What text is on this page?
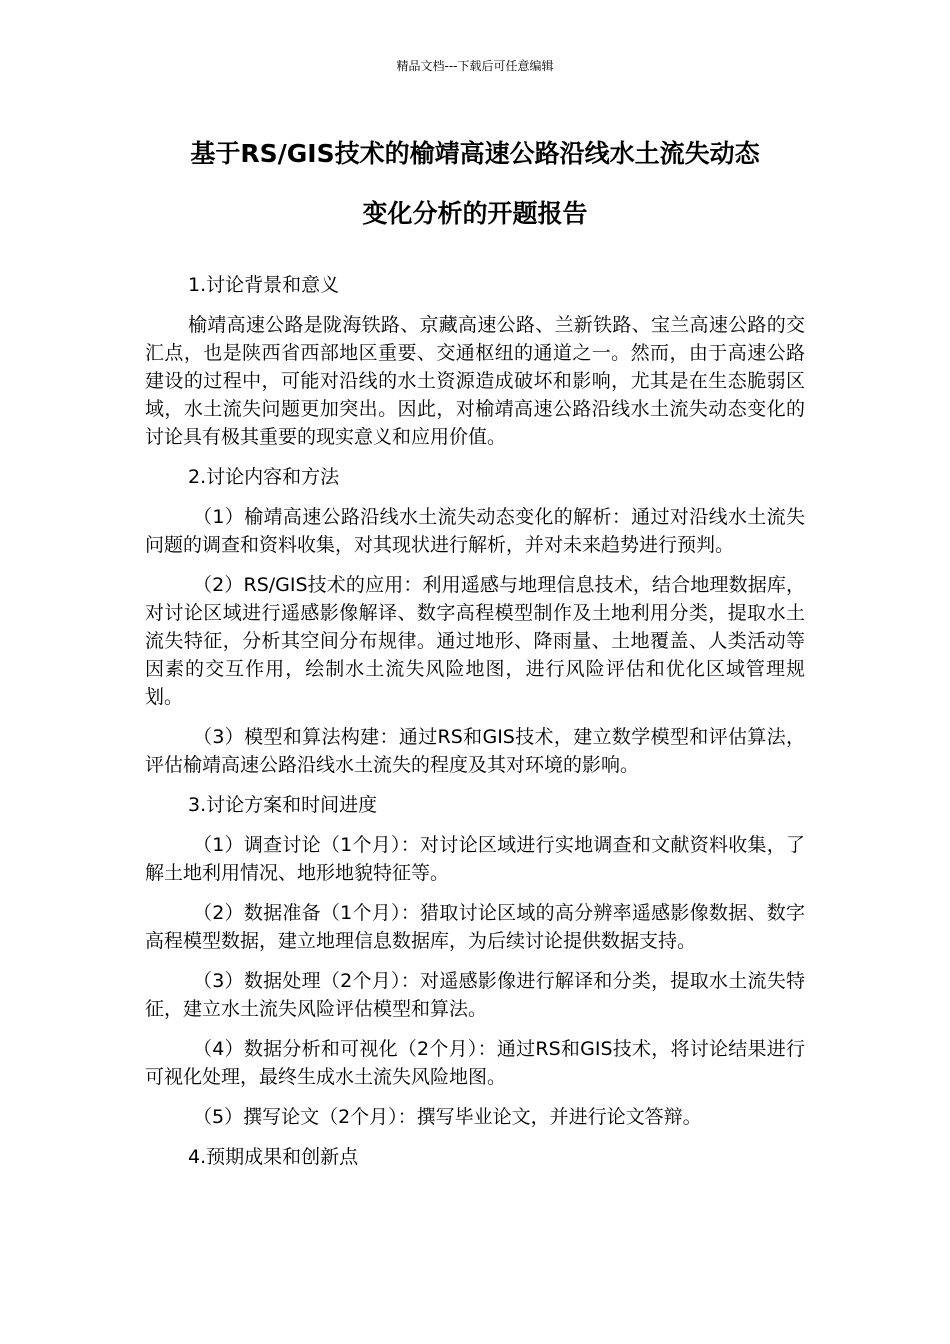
精品文档---下载后可任意编辑
基于RS/GIS技术的榆靖高速公路沿线水土流失动态
变化分析的开题报告
1.讨论背景和意义

榆靖高速公路是陇海铁路、京藏高速公路、兰新铁路、宝兰高速公路的交汇点，也是陕西省西部地区重要、交通枢纽的通道之一。然而，由于高速公路建设的过程中，可能对沿线的水土资源造成破坏和影响，尤其是在生态脆弱区域，水土流失问题更加突出。因此，对榆靖高速公路沿线水土流失动态变化的讨论具有极其重要的现实意义和应用价值。

2.讨论内容和方法

（1）榆靖高速公路沿线水土流失动态变化的解析：通过对沿线水土流失问题的调查和资料收集，对其现状进行解析，并对未来趋势进行预判。

（2）RS/GIS技术的应用：利用遥感与地理信息技术，结合地理数据库，对讨论区域进行遥感影像解译、数字高程模型制作及土地利用分类，提取水土流失特征，分析其空间分布规律。通过地形、降雨量、土地覆盖、人类活动等因素的交互作用，绘制水土流失风险地图，进行风险评估和优化区域管理规划。

（3）模型和算法构建：通过RS和GIS技术，建立数学模型和评估算法，评估榆靖高速公路沿线水土流失的程度及其对环境的影响。

3.讨论方案和时间进度

（1）调查讨论（1个月）：对讨论区域进行实地调查和文献资料收集，了解土地利用情况、地形地貌特征等。

（2）数据准备（1个月）：猎取讨论区域的高分辨率遥感影像数据、数字高程模型数据，建立地理信息数据库，为后续讨论提供数据支持。

（3）数据处理（2个月）：对遥感影像进行解译和分类，提取水土流失特征，建立水土流失风险评估模型和算法。

（4）数据分析和可视化（2个月）：通过RS和GIS技术，将讨论结果进行可视化处理，最终生成水土流失风险地图。

（5）撰写论文（2个月）：撰写毕业论文，并进行论文答辩。

4.预期成果和创新点
